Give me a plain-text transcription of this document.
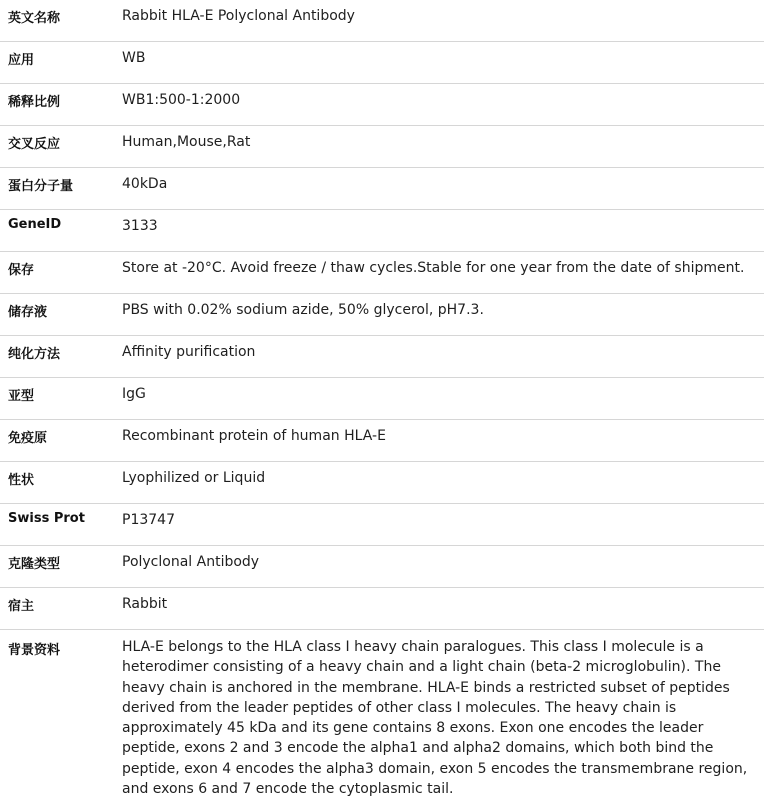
英文名称	Rabbit HLA-E Polyclonal Antibody
应用	WB
稀释比例	WB1:500-1:2000
交叉反应	Human,Mouse,Rat
蛋白分子量	40kDa
GeneID	3133
保存	Store at -20°C. Avoid freeze / thaw cycles.Stable for one year from the date of shipment.
储存液	PBS with 0.02% sodium azide, 50% glycerol, pH7.3.
纯化方法	Affinity purification
亚型	IgG
免疫原	Recombinant protein of human HLA-E
性状	Lyophilized or Liquid
Swiss Prot	P13747
克隆类型	Polyclonal Antibody
宿主	Rabbit
背景资料	HLA-E belongs to the HLA class I heavy chain paralogues. This class I molecule is a heterodimer consisting of a heavy chain and a light chain (beta-2 microglobulin). The heavy chain is anchored in the membrane. HLA-E binds a restricted subset of peptides derived from the leader peptides of other class I molecules. The heavy chain is approximately 45 kDa and its gene contains 8 exons. Exon one encodes the leader peptide, exons 2 and 3 encode the alpha1 and alpha2 domains, which both bind the peptide, exon 4 encodes the alpha3 domain, exon 5 encodes the transmembrane region, and exons 6 and 7 encode the cytoplasmic tail.
